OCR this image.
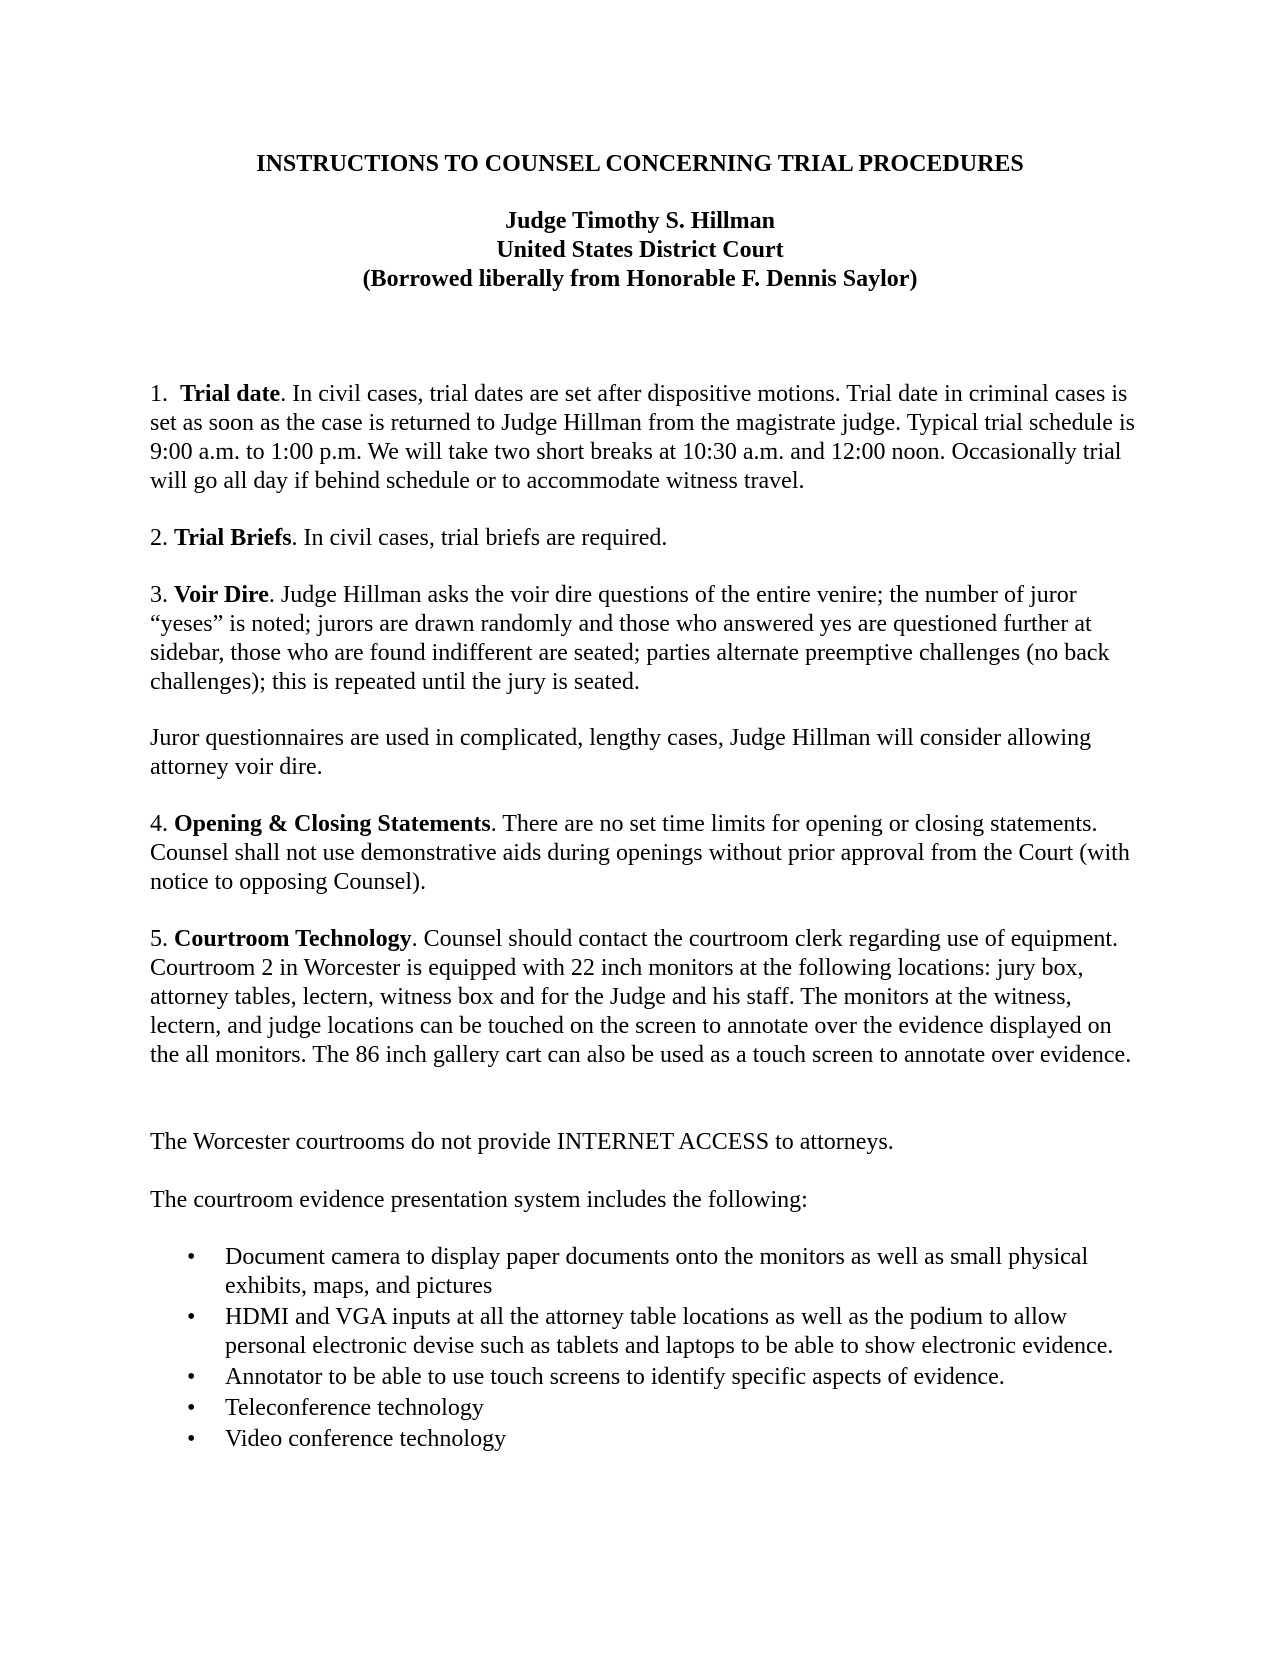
INSTRUCTIONS TO COUNSEL CONCERNING TRIAL PROCEDURES
Judge Timothy S. Hillman
United States District Court
(Borrowed liberally from Honorable F. Dennis Saylor)
1. Trial date. In civil cases, trial dates are set after dispositive motions. Trial date in criminal cases is set as soon as the case is returned to Judge Hillman from the magistrate judge. Typical trial schedule is 9:00 a.m. to 1:00 p.m. We will take two short breaks at 10:30 a.m. and 12:00 noon. Occasionally trial will go all day if behind schedule or to accommodate witness travel.
2. Trial Briefs. In civil cases, trial briefs are required.
3. Voir Dire. Judge Hillman asks the voir dire questions of the entire venire; the number of juror “yeses” is noted; jurors are drawn randomly and those who answered yes are questioned further at sidebar, those who are found indifferent are seated; parties alternate preemptive challenges (no back challenges); this is repeated until the jury is seated.
Juror questionnaires are used in complicated, lengthy cases, Judge Hillman will consider allowing attorney voir dire.
4. Opening & Closing Statements. There are no set time limits for opening or closing statements. Counsel shall not use demonstrative aids during openings without prior approval from the Court (with notice to opposing Counsel).
5. Courtroom Technology. Counsel should contact the courtroom clerk regarding use of equipment. Courtroom 2 in Worcester is equipped with 22 inch monitors at the following locations: jury box, attorney tables, lectern, witness box and for the Judge and his staff. The monitors at the witness, lectern, and judge locations can be touched on the screen to annotate over the evidence displayed on the all monitors. The 86 inch gallery cart can also be used as a touch screen to annotate over evidence.
The Worcester courtrooms do not provide INTERNET ACCESS to attorneys.
The courtroom evidence presentation system includes the following:
• Document camera to display paper documents onto the monitors as well as small physical exhibits, maps, and pictures
• HDMI and VGA inputs at all the attorney table locations as well as the podium to allow personal electronic devise such as tablets and laptops to be able to show electronic evidence.
• Annotator to be able to use touch screens to identify specific aspects of evidence.
• Teleconference technology
• Video conference technology
